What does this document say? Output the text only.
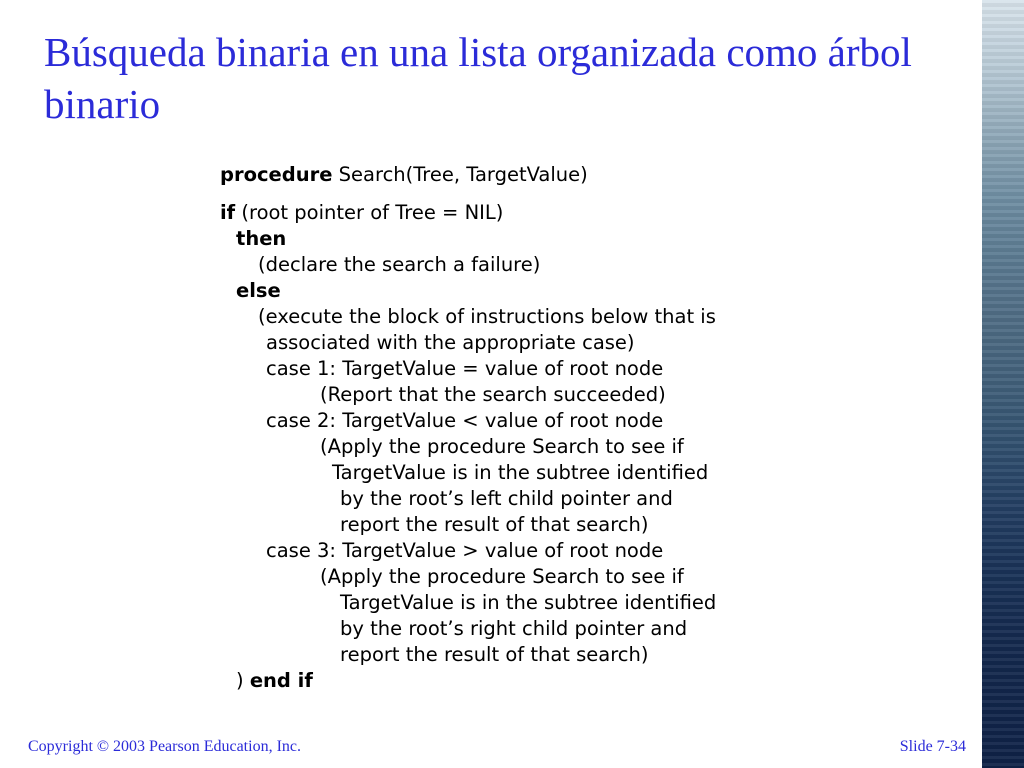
Búsqueda binaria en una lista organizada como árbol binario
procedure Search(Tree, TargetValue)
if (root pointer of Tree = NIL)
then
(declare the search a failure)
else
(execute the block of instructions below that is
associated with the appropriate case)
case 1: TargetValue = value of root node
(Report that the search succeeded)
case 2: TargetValue < value of root node
(Apply the procedure Search to see if
TargetValue is in the subtree identified
by the root’s left child pointer and
report the result of that search)
case 3: TargetValue > value of root node
(Apply the procedure Search to see if
TargetValue is in the subtree identified
by the root’s right child pointer and
report the result of that search)
) end if
Copyright © 2003 Pearson Education, Inc.	Slide 7-34
